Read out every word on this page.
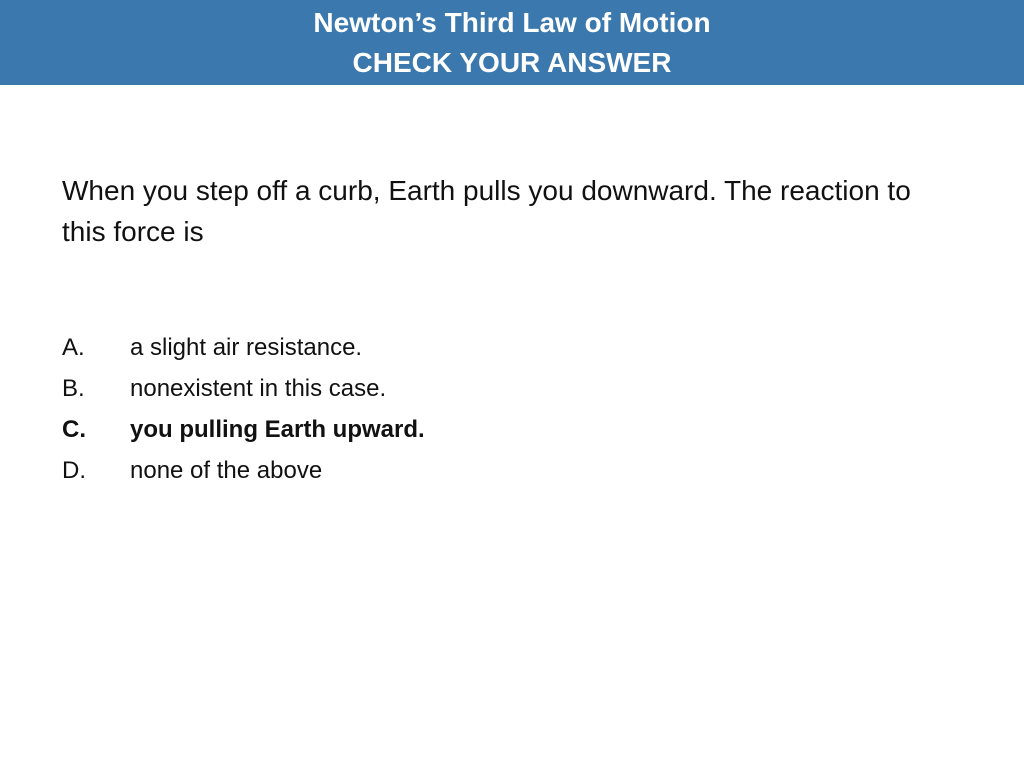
Newton’s Third Law of Motion
CHECK YOUR ANSWER
When you step off a curb, Earth pulls you downward. The reaction to this force is
A.	a slight air resistance.
B.	nonexistent in this case.
C.	you pulling Earth upward.
D.	none of the above
